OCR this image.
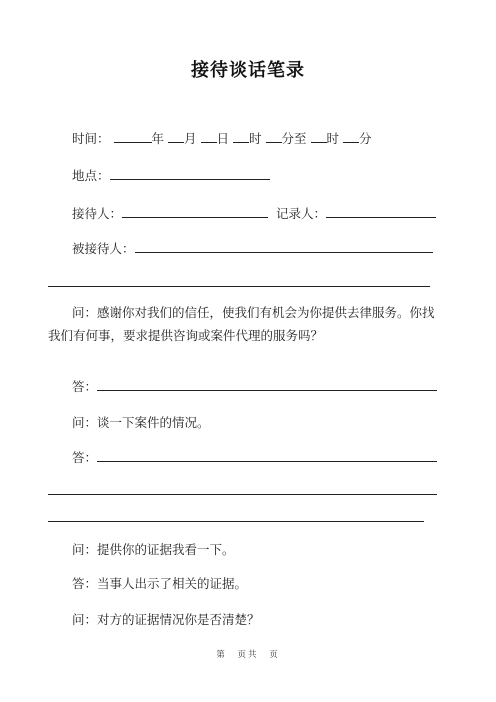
接待谈话笔录
时间：	年 月 日 时 分至 时 分
地点：
接待人：	记录人：
被接待人：
问：感谢你对我们的信任，使我们有机会为你提供去律服务。你找我们有何事，要求提供咨询或案件代理的服务吗？
答：
问：谈一下案件的情况。
答：
问：提供你的证据我看一下。
答：当事人出示了相关的证据。
问：对方的证据情况你是否清楚？
第 页共 页
